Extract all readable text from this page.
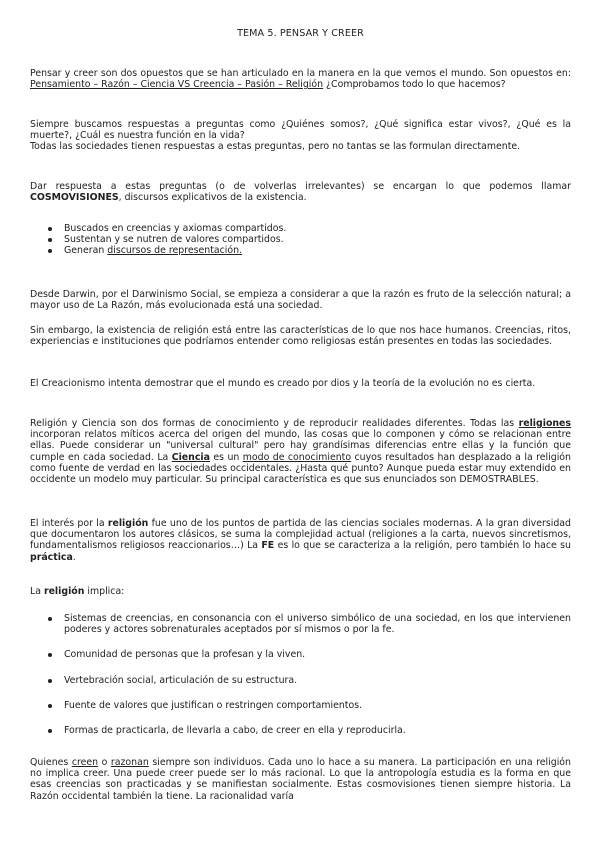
TEMA 5. PENSAR Y CREER

Pensar y creer son dos opuestos que se han articulado en la manera en la que vemos el mundo. Son opuestos en: Pensamiento – Razón – Ciencia VS Creencia – Pasión – Religión ¿Comprobamos todo lo que hacemos?

Siempre buscamos respuestas a preguntas como ¿Quiénes somos?, ¿Qué significa estar vivos?, ¿Qué es la muerte?, ¿Cuál es nuestra función en la vida?

Todas las sociedades tienen respuestas a estas preguntas, pero no tantas se las formulan directamente.

Dar respuesta a estas preguntas (o de volverlas irrelevantes) se encargan lo que podemos llamar COSMOVISIONES, discursos explicativos de la existencia.

Buscados en creencias y axiomas compartidos.
Sustentan y se nutren de valores compartidos.
Generan discursos de representación.

Desde Darwin, por el Darwinismo Social, se empieza a considerar a que la razón es fruto de la selección natural; a mayor uso de La Razón, más evolucionada está una sociedad.

Sin embargo, la existencia de religión está entre las características de lo que nos hace humanos. Creencias, ritos, experiencias e instituciones que podríamos entender como religiosas están presentes en todas las sociedades.

El Creacionismo intenta demostrar que el mundo es creado por dios y la teoría de la evolución no es cierta.

Religión y Ciencia son dos formas de conocimiento y de reproducir realidades diferentes. Todas las religiones incorporan relatos míticos acerca del origen del mundo, las cosas que lo componen y cómo se relacionan entre ellas. Puede considerar un "universal cultural" pero hay grandísimas diferencias entre ellas y la función que cumple en cada sociedad. La Ciencia es un modo de conocimiento cuyos resultados han desplazado a la religión como fuente de verdad en las sociedades occidentales. ¿Hasta qué punto? Aunque pueda estar muy extendido en occidente un modelo muy particular. Su principal característica es que sus enunciados son DEMOSTRABLES.

El interés por la religión fue uno de los puntos de partida de las ciencias sociales modernas. A la gran diversidad que documentaron los autores clásicos, se suma la complejidad actual (religiones a la carta, nuevos sincretismos, fundamentalismos religiosos reaccionarios…) La FE es lo que se caracteriza a la religión, pero también lo hace su práctica.

La religión implica:

Sistemas de creencias, en consonancia con el universo simbólico de una sociedad, en los que intervienen poderes y actores sobrenaturales aceptados por sí mismos o por la fe.
Comunidad de personas que la profesan y la viven.
Vertebración social, articulación de su estructura.
Fuente de valores que justifican o restringen comportamientos.
Formas de practicarla, de llevarla a cabo, de creer en ella y reproducirla.

Quienes creen o razonan siempre son individuos. Cada uno lo hace a su manera. La participación en una religión no implica creer. Una puede creer puede ser lo más racional. Lo que la antropología estudia es la forma en que esas creencias son practicadas y se manifiestan socialmente. Estas cosmovisiones tienen siempre historia. La Razón occidental también la tiene. La racionalidad varía
